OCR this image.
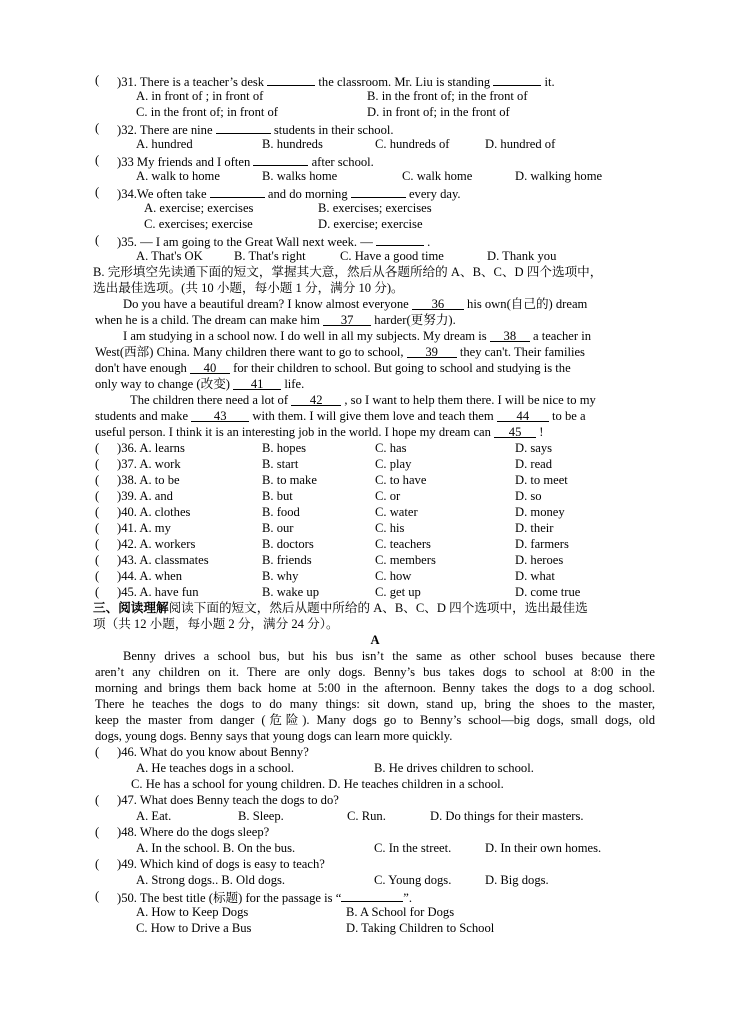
( )31. There is a teacher’s desk	the classroom. Mr. Liu is standing	it.
A. in front of ; in front of	B. in the front of; in the front of
C. in the front of; in front of	D. in front of; in the front of
( )32. There are nine	students in their school.
A. hundred	B. hundreds	C. hundreds of	D. hundred of
( )33 My friends and I often	after school.
A. walk to home	B. walks home	C. walk home	D. walking home
( )34.We often take	and do morning	every day.
A. exercise; exercises	B. exercises; exercises
C. exercises; exercise	D. exercise; exercise
( )35. — I am going to the Great Wall next week. —	.
A. That's OK B. That's right	C. Have a good time	D. Thank you
B. 完形填空先读通下面的短文，掌握其大意，然后从各题所给的 A、B、C、D 四个选项中，
选出最佳选项。(共 10 小题，每小题 1 分，满分 10 分)。
Do you have a beautiful dream? I know almost everyone 36 his own(自己的) dream
when he is a child. The dream can make him 37 harder(更努力).
I am studying in a school now. I do well in all my subjects. My dream is 38 a teacher in
West(西部) China. Many children there want to go to school, 39 they can't. Their families
don't have enough 40 for their children to school. But going to school and studying is the
only way to change (改变) 41 life.
The children there need a lot of 42 , so I want to help them there. I will be nice to my
students and make 43 with them. I will give them love and teach them 44 to be a
useful person. I think it is an interesting job in the world. I hope my dream can 45 !
( )36. A. learns	B. hopes	C. has	D. says
( )37. A. work	B. start	C. play	D. read
( )38. A. to be	B. to make	C. to have	D. to meet
( )39. A. and	B. but	C. or	D. so
( )40. A. clothes	B. food	C. water	D. money
( )41. A. my	B. our	C. his	D. their
( )42. A. workers	B. doctors	C. teachers	D. farmers
( )43. A. classmates	B. friends	C. members	D. heroes
( )44. A. when	B. why	C. how	D. what
( )45. A. have fun	B. wake up	C. get up	D. come true
三、阅读理解阅读下面的短文，然后从题中所给的 A、B、C、D 四个选项中，选出最佳选
项（共 12 小题，每小题 2 分，满分 24 分）。
A
Benny drives a school bus, but his bus isn’t the same as other school buses because there
aren’t any children on it. There are only dogs. Benny’s bus takes dogs to school at 8:00 in the
morning and brings them back home at 5:00 in the afternoon. Benny takes the dogs to a dog school.
There he teaches the dogs to do many things: sit down, stand up, bring the shoes to the master,
keep the master from danger (危险). Many dogs go to Benny’s school—big dogs, small dogs, old
dogs, young dogs. Benny says that young dogs can learn more quickly.
( )46. What do you know about Benny?
A. He teaches dogs in a school.	B. He drives children to school.
C. He has a school for young children. D. He teaches children in a school.
( )47. What does Benny teach the dogs to do?
A. Eat.	B. Sleep.	C. Run.	D. Do things for their masters.
( )48. Where do the dogs sleep?
A. In the school. B. On the bus.	C. In the street.	D. In their own homes.
( )49. Which kind of dogs is easy to teach?
A. Strong dogs.. B. Old dogs.	C. Young dogs.	D. Big dogs.
( )50. The best title (标题) for the passage is “	”.
A. How to Keep Dogs	B. A School for Dogs
C. How to Drive a Bus	D. Taking Children to School
